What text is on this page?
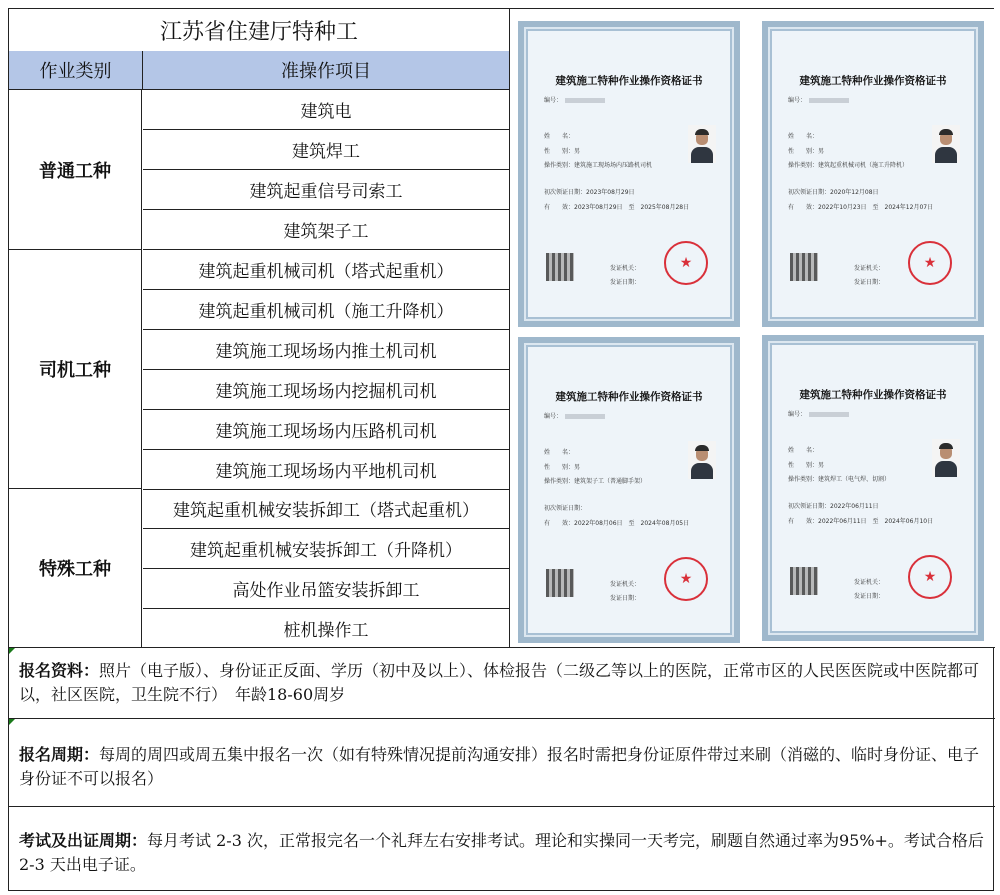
江苏省住建厅特种工
作业类别	准操作项目
普通工种
建筑电
建筑焊工
建筑起重信号司索工
建筑架子工
司机工种
建筑起重机械司机（塔式起重机）
建筑起重机械司机（施工升降机）
建筑施工现场场内推土机司机
建筑施工现场场内挖掘机司机
建筑施工现场场内压路机司机
建筑施工现场场内平地机司机
特殊工种
建筑起重机械安装拆卸工（塔式起重机）
建筑起重机械安装拆卸工（升降机）
高处作业吊篮安装拆卸工
桩机操作工
建筑施工特种作业操作资格证书
编号：
姓　　名：
性　　别：男
操作类别：建筑施工现场场内压路机司机
初次领证日期：2023年08月29日
有　　效：2023年08月29日　至　2025年08月28日
发证机关：
发证日期：
★
建筑施工特种作业操作资格证书
编号：
姓　　名：
性　　别：男
操作类别：建筑起重机械司机（施工升降机）
初次领证日期：2020年12月08日
有　　效：2022年10月23日　至　2024年12月07日
发证机关：
发证日期：
★
建筑施工特种作业操作资格证书
编号：
姓　　名：
性　　别：男
操作类别：建筑架子工（普通脚手架）
初次领证日期：
有　　效：2022年08月06日　至　2024年08月05日
发证机关：
发证日期：
★
建筑施工特种作业操作资格证书
编号：
姓　　名：
性　　别：男
操作类别：建筑焊工（电气焊、切割）
初次领证日期：2022年06月11日
有　　效：2022年06月11日　至　2024年06月10日
发证机关：
发证日期：
★
报名资料：照片（电子版）、身份证正反面、学历（初中及以上）、体检报告（二级乙等以上的医院，正常市区的人民医医院或中医院都可以，社区医院，卫生院不行）　年龄18-60周岁
报名周期：每周的周四或周五集中报名一次（如有特殊情况提前沟通安排）报名时需把身份证原件带过来刷（消磁的、临时身份证、电子身份证不可以报名）
考试及出证周期：每月考试 2-3 次，正常报完名一个礼拜左右安排考试。理论和实操同一天考完，刷题自然通过率为95%+。考试合格后2-3 天出电子证。
